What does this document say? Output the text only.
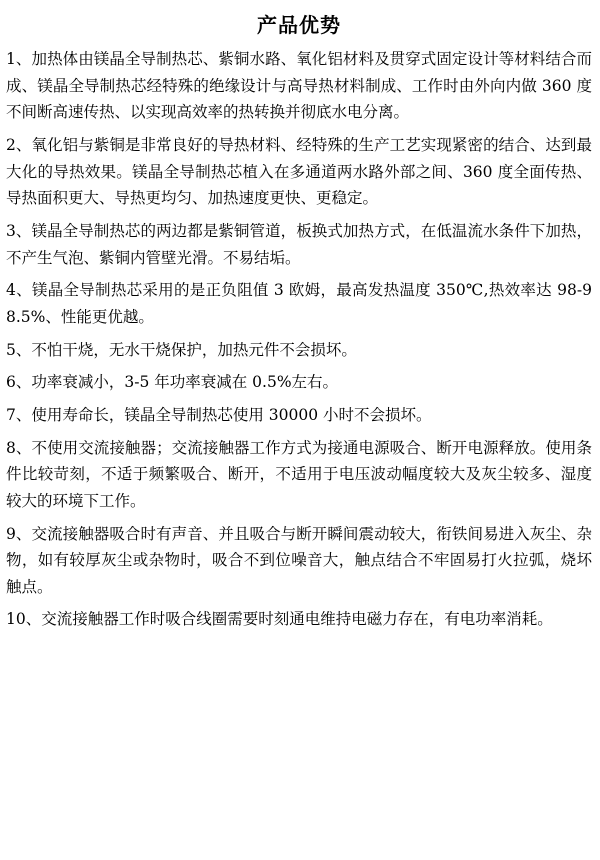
产品优势

1、加热体由镁晶全导制热芯、紫铜水路、氧化铝材料及贯穿式固定设计等材料结合而成、镁晶全导制热芯经特殊的绝缘设计与高导热材料制成、工作时由外向内做 360 度不间断高速传热、以实现高效率的热转换并彻底水电分离。

2、氧化铝与紫铜是非常良好的导热材料、经特殊的生产工艺实现紧密的结合、达到最大化的导热效果。镁晶全导制热芯植入在多通道两水路外部之间、360 度全面传热、导热面积更大、导热更均匀、加热速度更快、更稳定。

3、镁晶全导制热芯的两边都是紫铜管道，板换式加热方式，在低温流水条件下加热，不产生气泡、紫铜内管壁光滑。不易结垢。

4、镁晶全导制热芯采用的是正负阻值 3 欧姆，最高发热温度 350℃,热效率达 98-98.5%、性能更优越。

5、不怕干烧，无水干烧保护，加热元件不会损坏。

6、功率衰减小，3-5 年功率衰减在 0.5%左右。

7、使用寿命长，镁晶全导制热芯使用 30000 小时不会损坏。

8、不使用交流接触器；交流接触器工作方式为接通电源吸合、断开电源释放。使用条件比较苛刻，不适于频繁吸合、断开，不适用于电压波动幅度较大及灰尘较多、湿度较大的环境下工作。

9、交流接触器吸合时有声音、并且吸合与断开瞬间震动较大，衔铁间易进入灰尘、杂物，如有较厚灰尘或杂物时，吸合不到位噪音大，触点结合不牢固易打火拉弧，烧坏触点。

10、交流接触器工作时吸合线圈需要时刻通电维持电磁力存在，有电功率消耗。
